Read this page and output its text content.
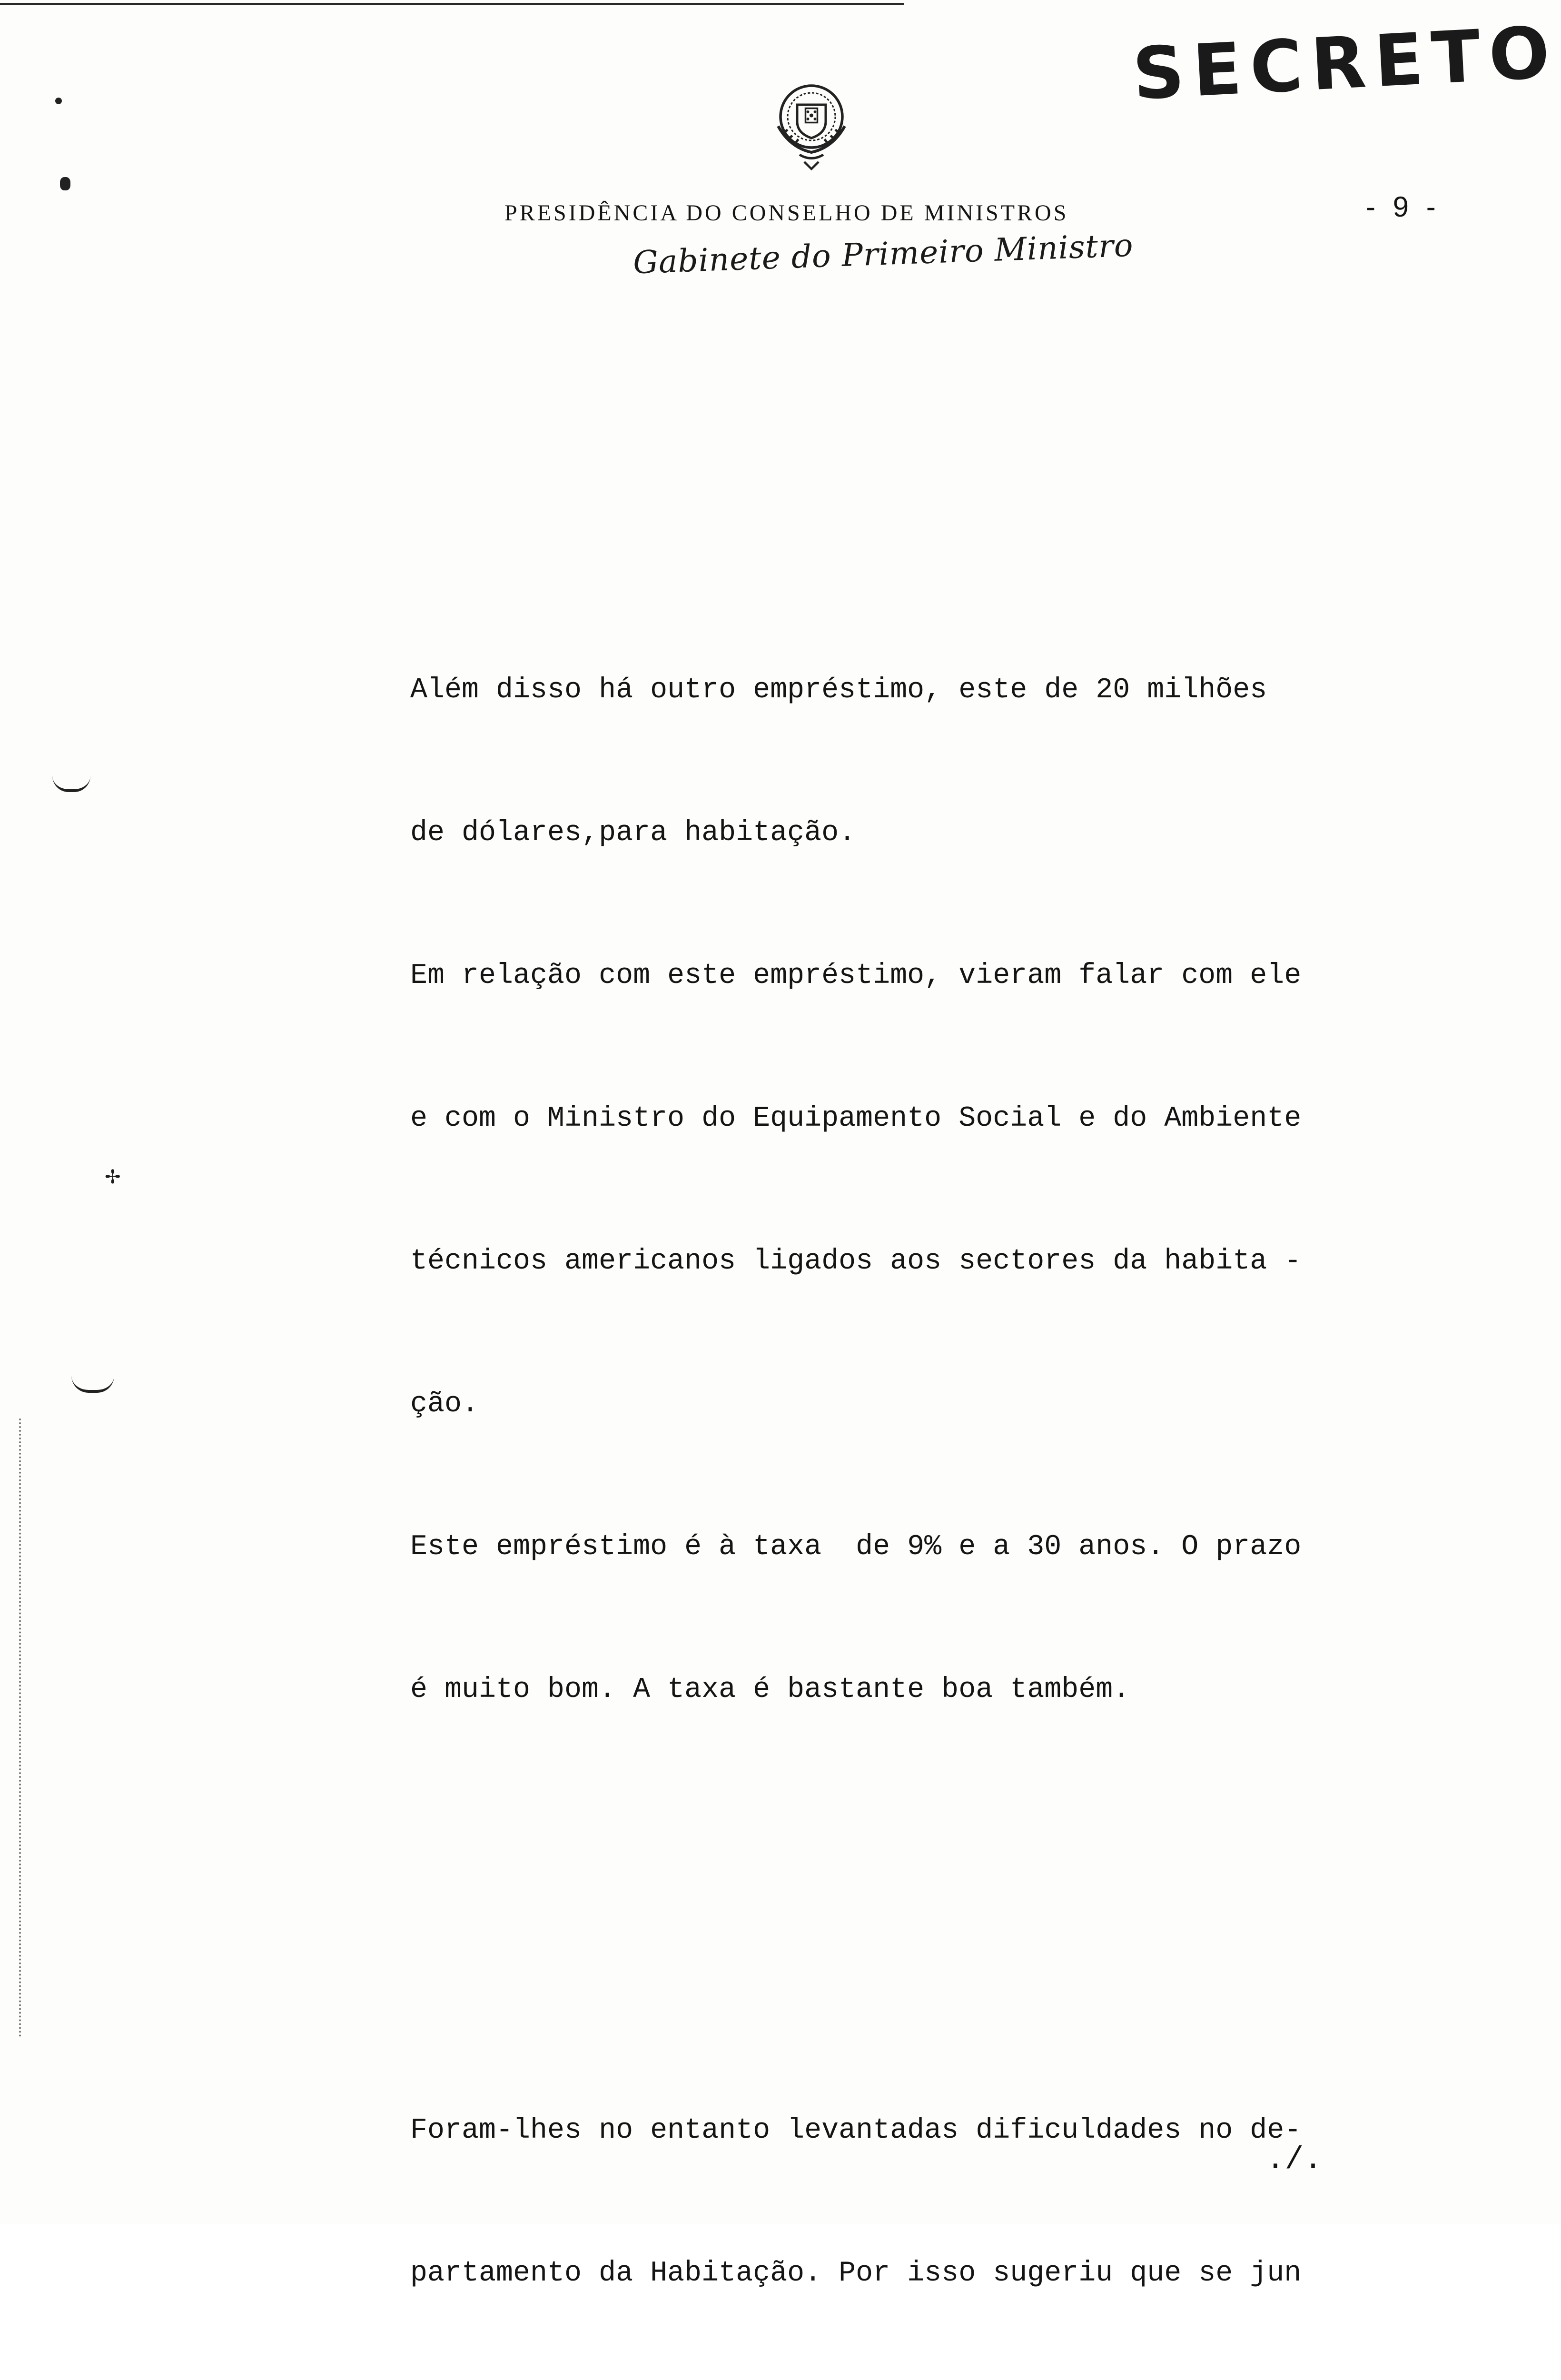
SECRETO
PRESIDÊNCIA DO CONSELHO DE MINISTROS	- 9 -
Gabinete do Primeiro Ministro
✢

Além disso há outro empréstimo, este de 20 milhões

de dólares,para habitação.

Em relação com este empréstimo, vieram falar com ele

e com o Ministro do Equipamento Social e do Ambiente

técnicos americanos ligados aos sectores da habita -

ção.

Este empréstimo é à taxa  de 9% e a 30 anos. O prazo

é muito bom. A taxa é bastante boa também.

Foram-lhes no entanto levantadas dificuldades no de-

partamento da Habitação. Por isso sugeriu que se jun

./.
